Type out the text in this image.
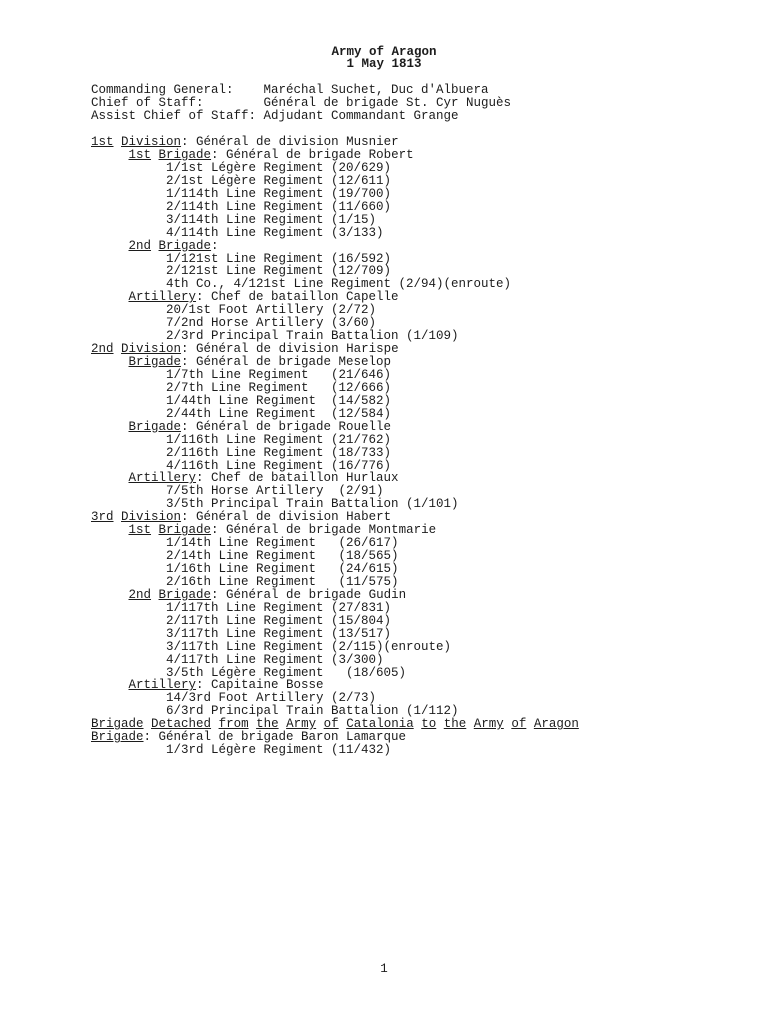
Army of Aragon
1 May 1813
Commanding General: Maréchal Suchet, Duc d'Albuera
Chief of Staff:	Général de brigade St. Cyr Nuguès
Assist Chief of Staff: Adjudant Commandant Grange
1st Division: Général de division Musnier
1st Brigade: Général de brigade Robert
1/1st Légère Regiment (20/629)
2/1st Légère Regiment (12/611)
1/114th Line Regiment (19/700)
2/114th Line Regiment (11/660)
3/114th Line Regiment (1/15)
4/114th Line Regiment (3/133)
2nd Brigade:
1/121st Line Regiment (16/592)
2/121st Line Regiment (12/709)
4th Co., 4/121st Line Regiment (2/94)(enroute)
Artillery: Chef de bataillon Capelle
20/1st Foot Artillery (2/72)
7/2nd Horse Artillery (3/60)
2/3rd Principal Train Battalion (1/109)
2nd Division: Général de division Harispe
Brigade: Général de brigade Meselop
1/7th Line Regiment   (21/646)
2/7th Line Regiment   (12/666)
1/44th Line Regiment  (14/582)
2/44th Line Regiment  (12/584)
Brigade: Général de brigade Rouelle
1/116th Line Regiment (21/762)
2/116th Line Regiment (18/733)
4/116th Line Regiment (16/776)
Artillery: Chef de bataillon Hurlaux
7/5th Horse Artillery  (2/91)
3/5th Principal Train Battalion (1/101)
3rd Division: Général de division Habert
1st Brigade: Général de brigade Montmarie
1/14th Line Regiment   (26/617)
2/14th Line Regiment   (18/565)
1/16th Line Regiment   (24/615)
2/16th Line Regiment   (11/575)
2nd Brigade: Général de brigade Gudin
1/117th Line Regiment (27/831)
2/117th Line Regiment (15/804)
3/117th Line Regiment (13/517)
3/117th Line Regiment (2/115)(enroute)
4/117th Line Regiment (3/300)
3/5th Légère Regiment   (18/605)
Artillery: Capitaine Bosse
14/3rd Foot Artillery (2/73)
6/3rd Principal Train Battalion (1/112)
Brigade Detached from the Army of Catalonia to the Army of Aragon
Brigade: Général de brigade Baron Lamarque
1/3rd Légère Regiment (11/432)
1
